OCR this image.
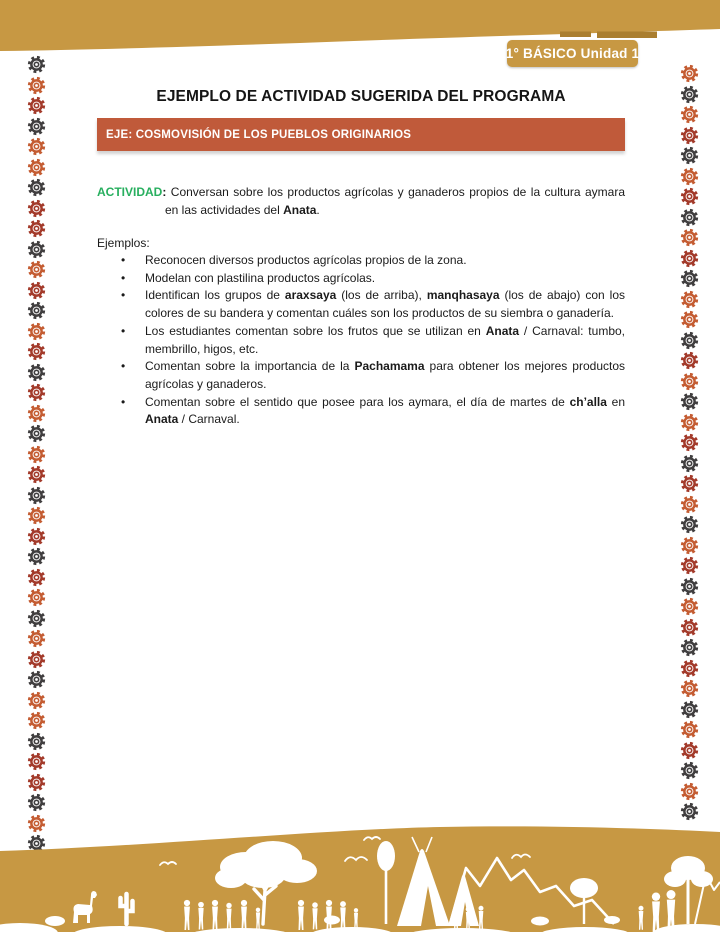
1° BÁSICO Unidad 1
EJEMPLO DE ACTIVIDAD SUGERIDA DEL PROGRAMA
EJE: COSMOVISIÓN DE LOS PUEBLOS ORIGINARIOS

ACTIVIDAD: Conversan sobre los productos agrícolas y ganaderos propios de la cultura aymara en las actividades del Anata.

Ejemplos:
• Reconocen diversos productos agrícolas propios de la zona.
• Modelan con plastilina productos agrícolas.
• Identifican los grupos de araxsaya (los de arriba), manqhasaya (los de abajo) con los colores de su bandera y comentan cuáles son los productos de su siembra o ganadería.
• Los estudiantes comentan sobre los frutos que se utilizan en Anata / Carnaval: tumbo, membrillo, higos, etc.
• Comentan sobre la importancia de la Pachamama para obtener los mejores productos agrícolas y ganaderos.
• Comentan sobre el sentido que posee para los aymara, el día de martes de ch’alla en Anata / Carnaval.
